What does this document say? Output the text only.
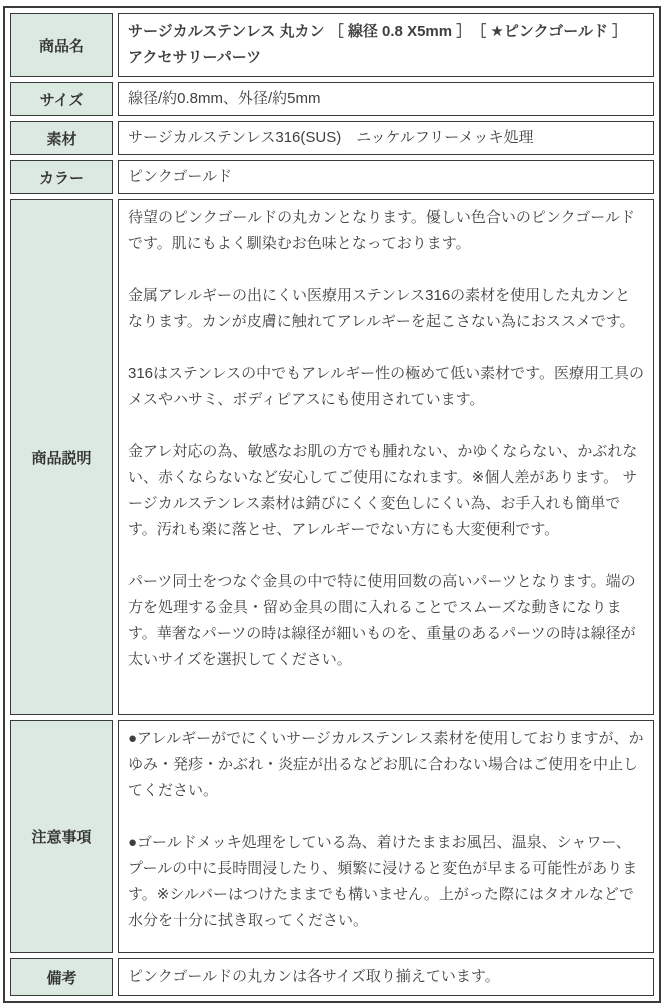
商品名	サージカルステンレス 丸カン ［ 線径 0.8 X5mm ］　［ ★ピンクゴールド ］　アクセサリーパーツ
サイズ	線径/約0.8mm、外径/約5mm
素材	サージカルステンレス316(SUS)　ニッケルフリーメッキ処理
カラー	ピンクゴールド
商品説明	待望のピンクゴールドの丸カンとなります。優しい色合いのピンクゴールドです。肌にもよく馴染むお色味となっております。

金属アレルギーの出にくい医療用ステンレス316の素材を使用した丸カンとなります。カンが皮膚に触れてアレルギーを起こさない為におススメです。

316はステンレスの中でもアレルギー性の極めて低い素材です。医療用工具のメスやハサミ、ボディピアスにも使用されています。

金アレ対応の為、敏感なお肌の方でも腫れない、かゆくならない、かぶれない、赤くならないなど安心してご使用になれます。※個人差があります。 サージカルステンレス素材は錆びにくく変色しにくい為、お手入れも簡単です。汚れも楽に落とせ、アレルギーでない方にも大変便利です。

パーツ同士をつなぐ金具の中で特に使用回数の高いパーツとなります。端の方を処理する金具・留め金具の間に入れることでスムーズな動きになります。華奢なパーツの時は線径が細いものを、重量のあるパーツの時は線径が太いサイズを選択してください。

注意事項	●アレルギーがでにくいサージカルステンレス素材を使用しておりますが、かゆみ・発疹・かぶれ・炎症が出るなどお肌に合わない場合はご使用を中止してください。

●ゴールドメッキ処理をしている為、着けたままお風呂、温泉、シャワー、プールの中に長時間浸したり、頻繁に浸けると変色が早まる可能性があります。※シルバーはつけたままでも構いません。上がった際にはタオルなどで水分を十分に拭き取ってください。

備考	ピンクゴールドの丸カンは各サイズ取り揃えています。
